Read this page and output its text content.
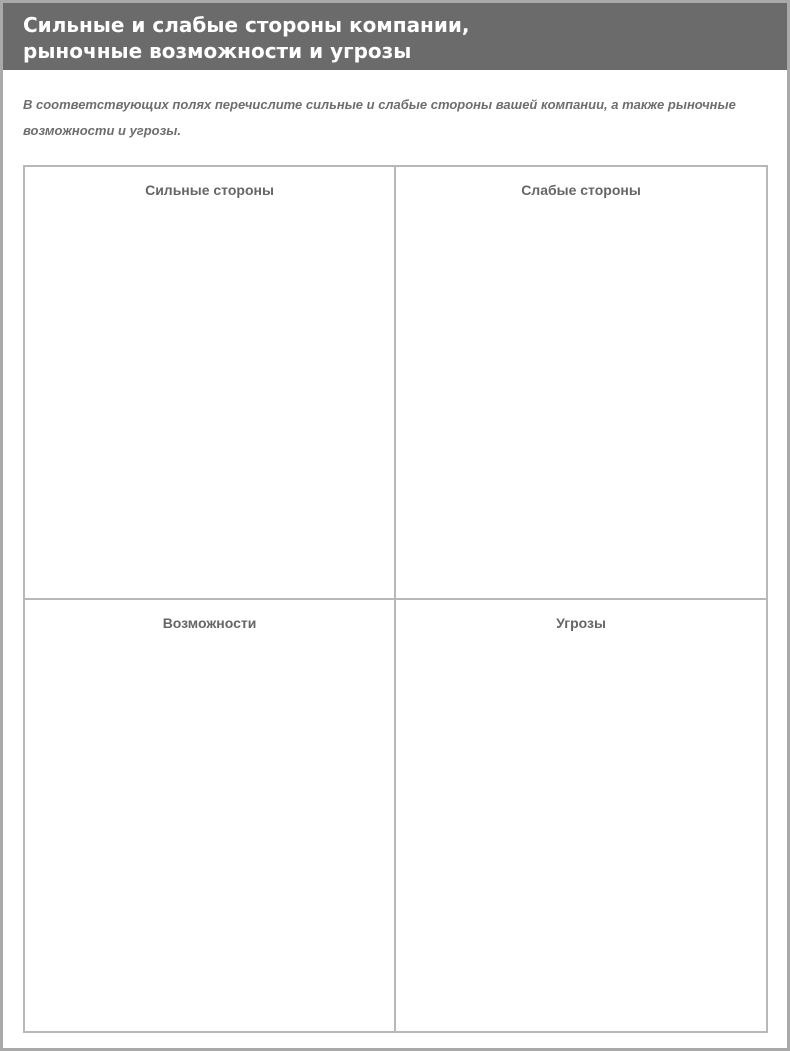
Сильные и слабые стороны компании,
рыночные возможности и угрозы

В соответствующих полях перечислите сильные и слабые стороны вашей компании, а также рыночные возможности и угрозы.

Сильные стороны	Слабые стороны
Возможности	Угрозы
